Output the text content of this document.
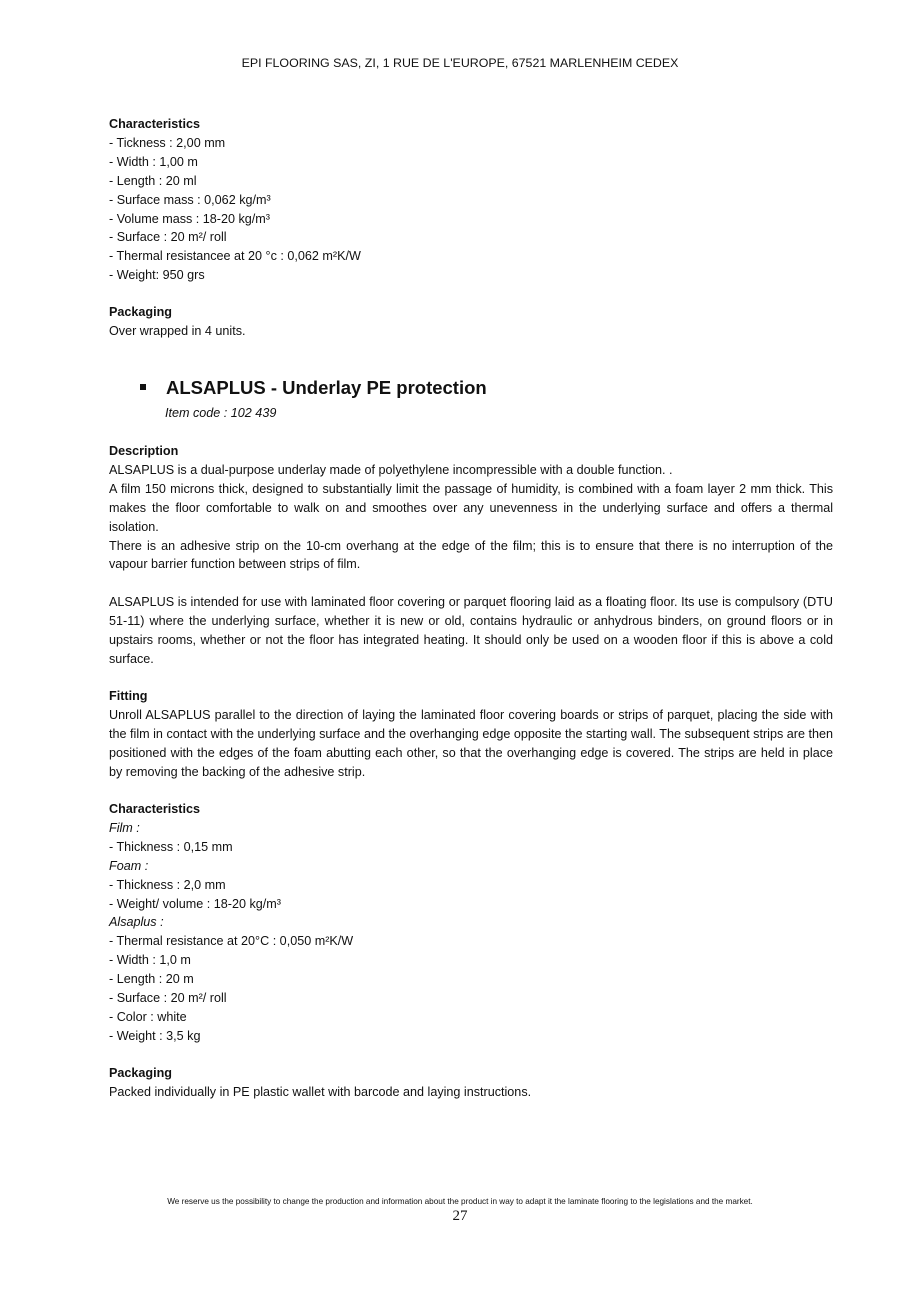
EPI FLOORING SAS, ZI, 1 RUE DE L'EUROPE, 67521 MARLENHEIM CEDEX
Characteristics
- Tickness : 2,00 mm
- Width : 1,00 m
- Length : 20 ml
- Surface mass : 0,062 kg/m³
- Volume mass : 18-20 kg/m³
- Surface : 20 m²/ roll
- Thermal resistancee at 20 °c : 0,062 m²K/W
- Weight: 950 grs
Packaging
Over wrapped in 4 units.
ALSAPLUS - Underlay PE protection
Item code : 102 439
Description

ALSAPLUS is a dual-purpose underlay made of polyethylene incompressible with a double function. .

A film 150 microns thick, designed to substantially limit the passage of humidity, is combined with a foam layer 2 mm thick. This makes the floor comfortable to walk on and smoothes over any unevenness in the underlying surface and offers a thermal isolation.

There is an adhesive strip on the 10-cm overhang at the edge of the film; this is to ensure that there is no interruption of the vapour barrier function between strips of film.

ALSAPLUS is intended for use with laminated floor covering or parquet flooring laid as a floating floor. Its use is compulsory (DTU 51-11) where the underlying surface, whether it is new or old, contains hydraulic or anhydrous binders, on ground floors or in upstairs rooms, whether or not the floor has integrated heating. It should only be used on a wooden floor if this is above a cold surface.

Fitting

Unroll ALSAPLUS parallel to the direction of laying the laminated floor covering boards or strips of parquet, placing the side with the film in contact with the underlying surface and the overhanging edge opposite the starting wall. The subsequent strips are then positioned with the edges of the foam abutting each other, so that the overhanging edge is covered. The strips are held in place by removing the backing of the adhesive strip.

Characteristics
Film :
- Thickness : 0,15 mm
Foam :
- Thickness : 2,0 mm
- Weight/ volume : 18-20 kg/m³
Alsaplus :
- Thermal resistance at 20°C : 0,050 m²K/W
- Width : 1,0 m
- Length : 20 m
- Surface : 20 m²/ roll
- Color : white
- Weight : 3,5 kg
Packaging
Packed individually in PE plastic wallet with barcode and laying instructions.
We reserve us the possibility to change the production and information about the product in way to adapt it the laminate flooring to the legislations and the market.
27
